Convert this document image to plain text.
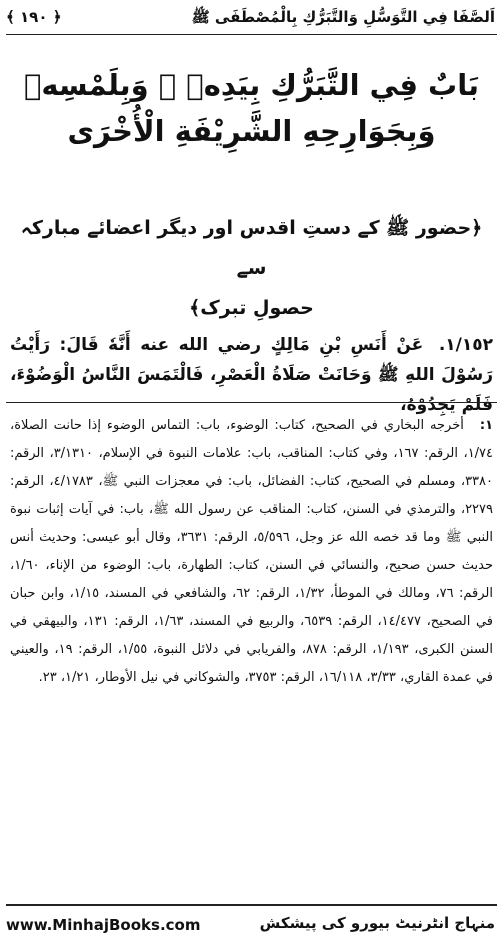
﴿ ١٩٠ ﴾	اَلصَّفَا فِي التَّوَسُّلِ وَالتَّبَرُّكِ بِالْمُصْطَفَى ﷺ
بَابٌ فِي التَّبَرُّكِ بِيَدِهٖ ﷺ وَبِلَمْسِهٖ
وَبِجَوَارِحِهِ الشَّرِيْفَةِ الْأُخْرَى
﴿حضور ﷺ کے دستِ اقدس اور دیگر اعضائے مبارکہ سے
حصولِ تبرک﴾
١/١٥٢. عَنْ أَنَسِ بْنِ مَالِكٍ رضي الله عنه أَنَّهٗ قَالَ: رَأَيْتُ رَسُوْلَ اللهِ ﷺ وَحَانَتْ صَلَاةُ الْعَصْرِ، فَالْتَمَسَ النَّاسُ الْوَضُوْءَ، فَلَمْ يَجِدُوْهُ،
١: أخرجه البخاري في الصحيح، كتاب: الوضوء، باب: التماس الوضوء إذا حانت الصلاة، ١/٧٤، الرقم: ١٦٧، وفي كتاب: المناقب، باب: علامات النبوة في الإسلام، ٣/١٣١٠، الرقم: ٣٣٨٠، ومسلم في الصحيح، كتاب: الفضائل، باب: في معجزات النبي ﷺ، ٤/١٧٨٣، الرقم: ٢٢٧٩، والترمذي في السنن، كتاب: المناقب عن رسول الله ﷺ، باب: في آيات إثبات نبوة النبي ﷺ وما قد خصه الله عز وجل، ٥/٥٩٦، الرقم: ٣٦٣١، وقال أبو عيسى: وحديث أنس حديث حسن صحيح، والنسائي في السنن، كتاب: الطهارة، باب: الوضوء من الإناء، ١/٦٠، الرقم: ٧٦، ومالك في الموطأ، ١/٣٢، الرقم: ٦٢، والشافعي في المسند، ١/١٥، وابن حبان في الصحيح، ١٤/٤٧٧، الرقم: ٦٥٣٩، والربيع في المسند، ١/٦٣، الرقم: ١٣١، والبيهقي في السنن الكبرى، ١/١٩٣، الرقم: ٨٧٨، والفريابي في دلائل النبوة، ١/٥٥، الرقم: ١٩، والعيني في عمدة القاري، ٣/٣٣، ١٦/١١٨، الرقم: ٣٧٥٣، والشوكاني في نيل الأوطار، ١/٢١، ٢٣.
www.MinhajBooks.com	منہاج انٹرنیٹ بیورو کی پیشکش
